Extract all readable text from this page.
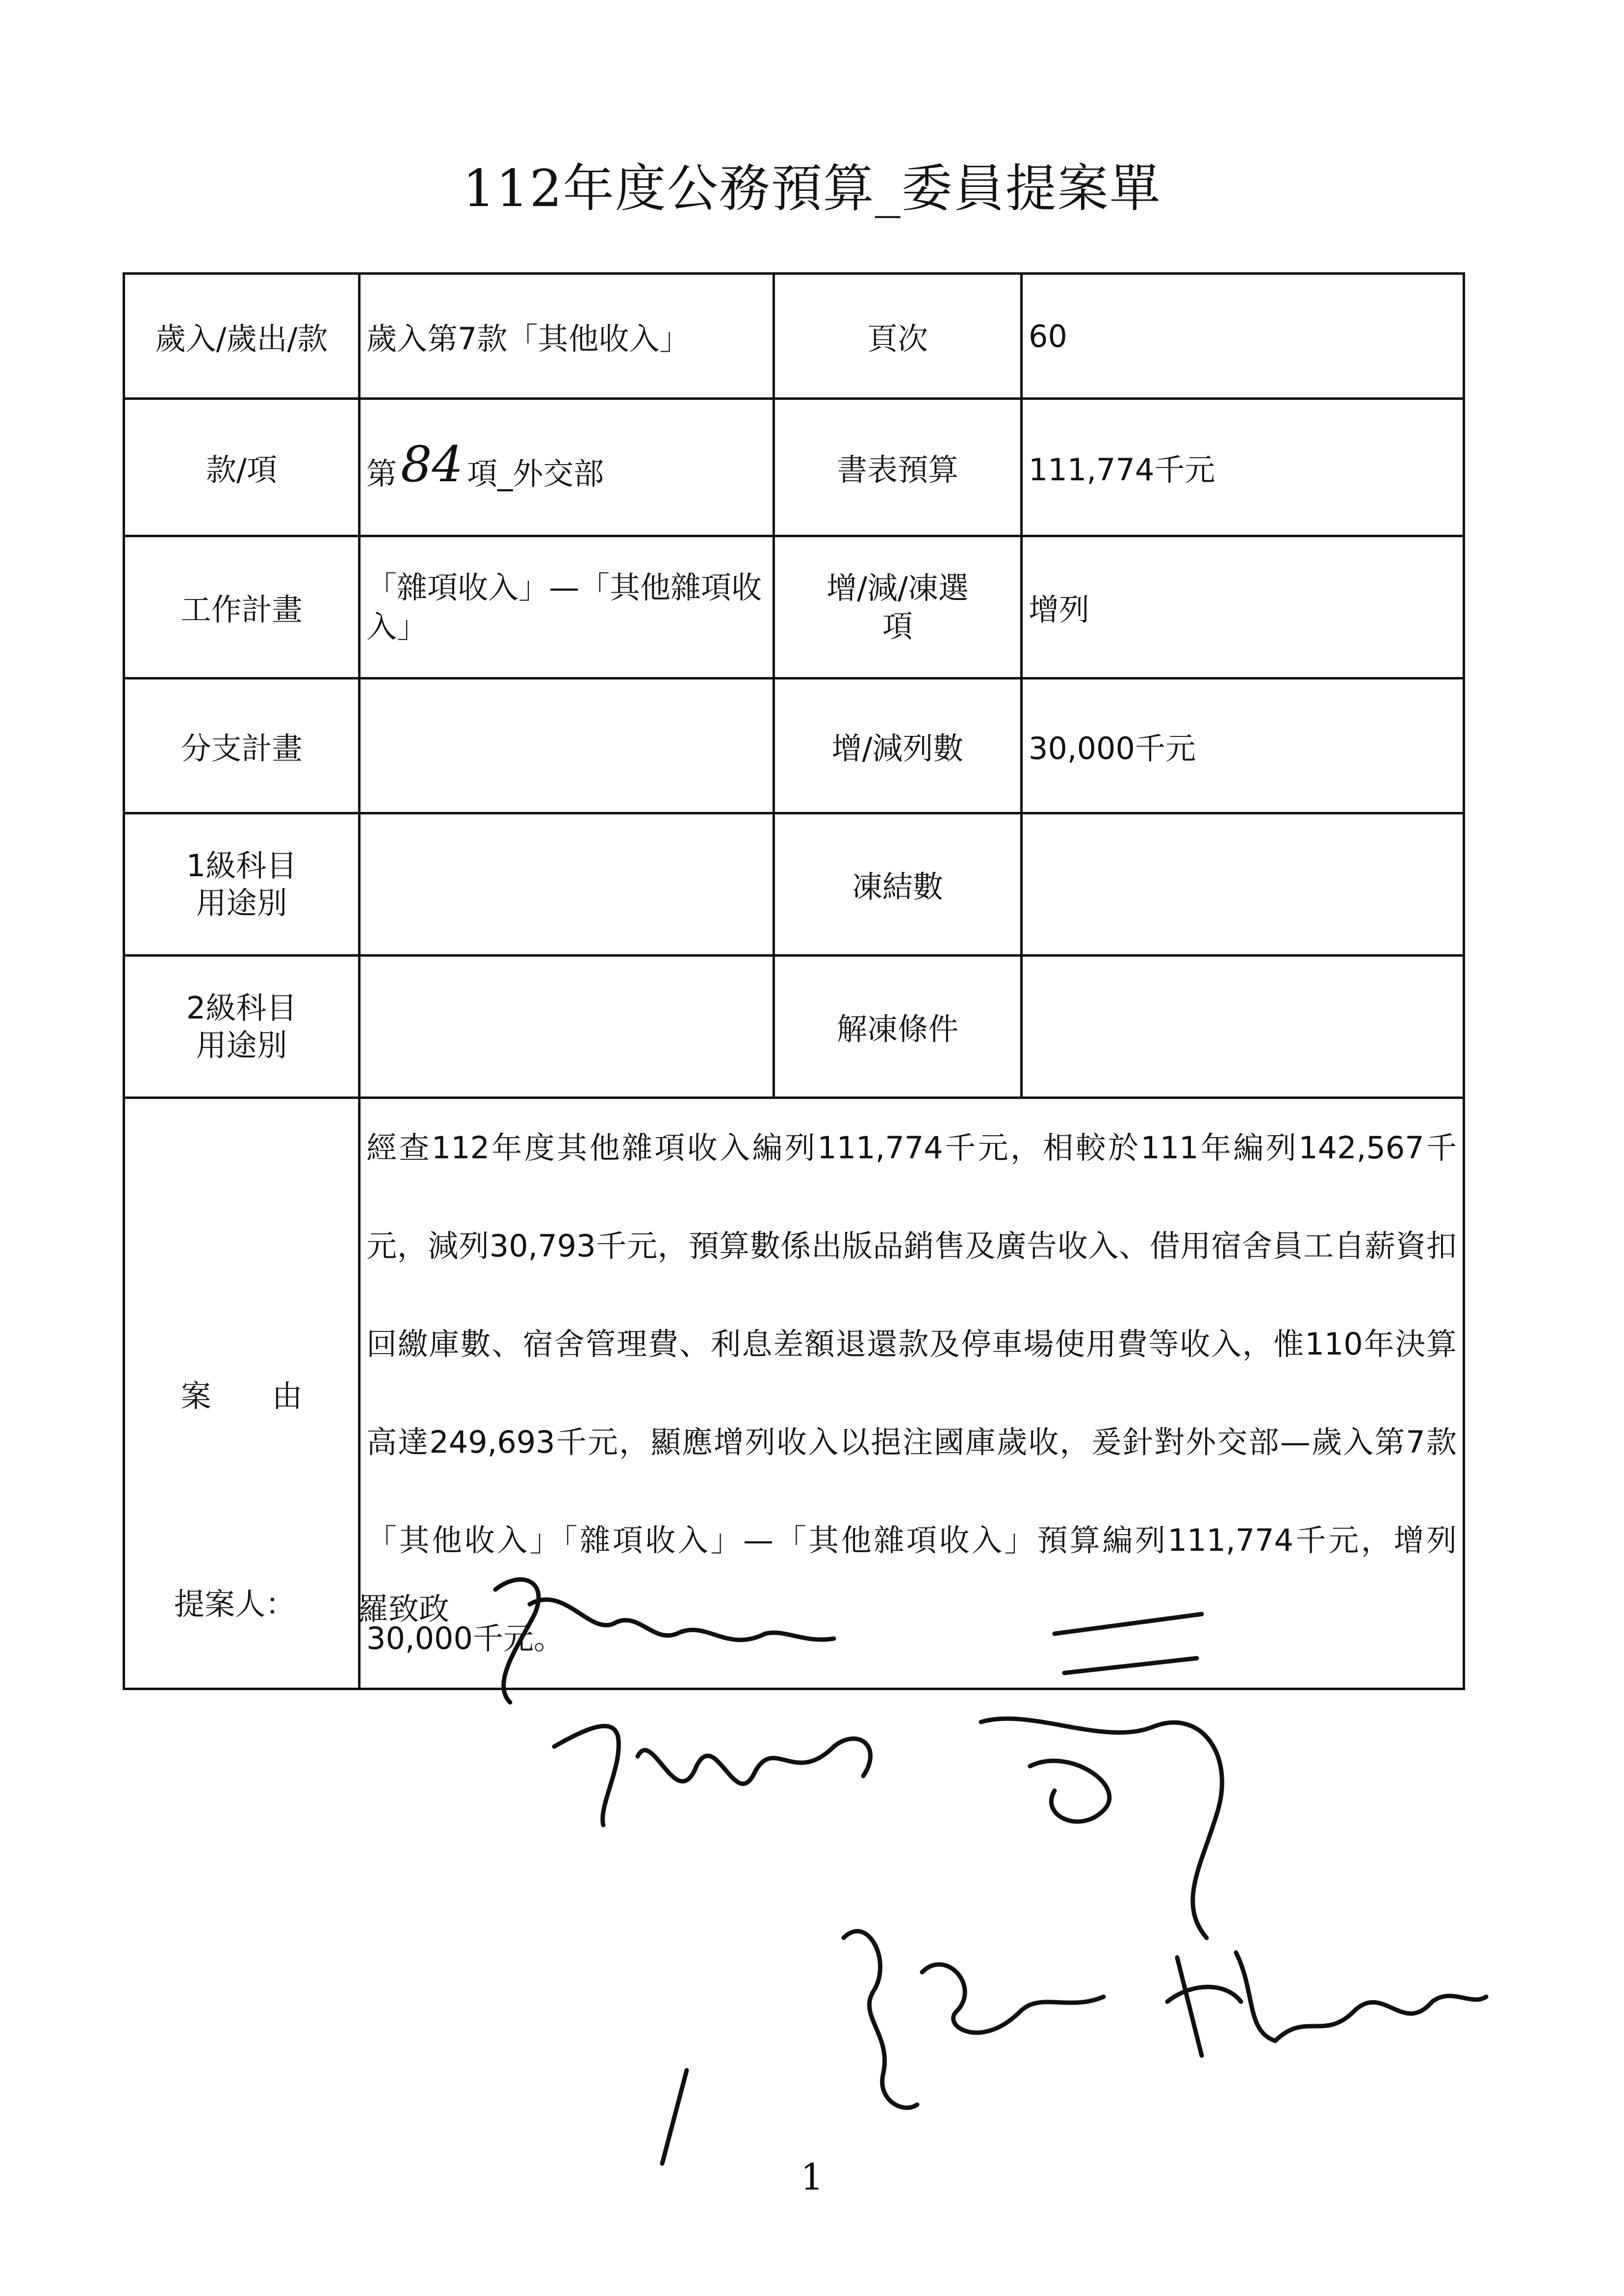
112年度公務預算_委員提案單
歲入/歲出/款	歲入第7款「其他收入」	頁次	60
款/項	第84 項_外交部	書表預算	111,774千元
工作計畫	「雜項收入」—「其他雜項收入」	增/減/凍選項	增列
分支計畫		增/減列數	30,000千元
1級科目用途別		凍結數	
2級科目用途別		解凍條件	
案　　由	經查112年度其他雜項收入編列111,774千元，相較於111年編列142,567千元，減列30,793千元，預算數係出版品銷售及廣告收入、借用宿舍員工自薪資扣回繳庫數、宿舍管理費、利息差額退還款及停車場使用費等收入，惟110年決算高達249,693千元，顯應增列收入以挹注國庫歲收，爰針對外交部—歲入第7款「其他收入」「雜項收入」—「其他雜項收入」預算編列111,774千元，增列30,000千元。		
提案人： 羅致政
1
